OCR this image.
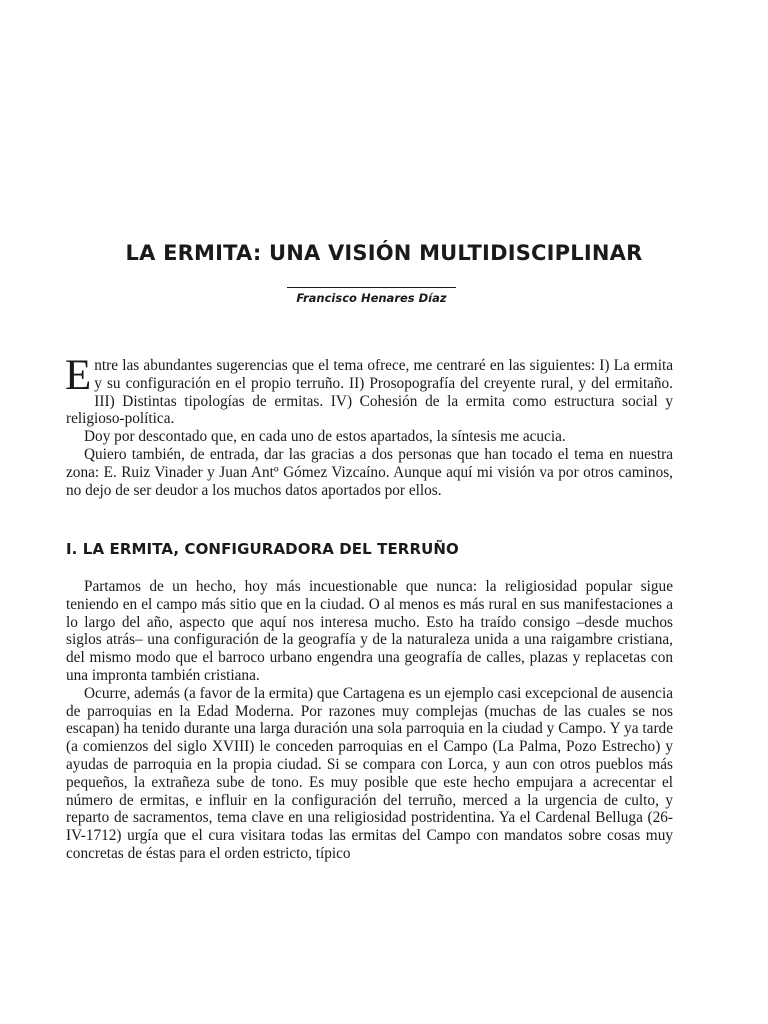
LA ERMITA: UNA VISIÓN MULTIDISCIPLINAR
Francisco Henares Díaz

Entre las abundantes sugerencias que el tema ofrece, me centraré en las siguientes: I) La ermita y su configuración en el propio terruño. II) Prosopografía del creyente rural, y del ermitaño. III) Distintas tipologías de ermitas. IV) Cohesión de la ermita como estructura social y religioso-política.

Doy por descontado que, en cada uno de estos apartados, la síntesis me acucia.

Quiero también, de entrada, dar las gracias a dos personas que han tocado el tema en nuestra zona: E. Ruiz Vinader y Juan Antº Gómez Vizcaíno. Aunque aquí mi visión va por otros caminos, no dejo de ser deudor a los muchos datos aportados por ellos.

I. LA ERMITA, CONFIGURADORA DEL TERRUÑO

Partamos de un hecho, hoy más incuestionable que nunca: la religiosidad popular sigue teniendo en el campo más sitio que en la ciudad. O al menos es más rural en sus manifestaciones a lo largo del año, aspecto que aquí nos interesa mucho. Esto ha traído consigo –desde muchos siglos atrás– una configuración de la geografía y de la naturaleza unida a una raigambre cristiana, del mismo modo que el barroco urbano engendra una geografía de calles, plazas y replacetas con una impronta también cristiana.

Ocurre, además (a favor de la ermita) que Cartagena es un ejemplo casi excepcional de ausencia de parroquias en la Edad Moderna. Por razones muy complejas (muchas de las cuales se nos escapan) ha tenido durante una larga duración una sola parroquia en la ciudad y Campo. Y ya tarde (a comienzos del siglo XVIII) le conceden parroquias en el Campo (La Palma, Pozo Estrecho) y ayudas de parroquia en la propia ciudad. Si se compara con Lorca, y aun con otros pueblos más pequeños, la extrañeza sube de tono. Es muy posible que este hecho empujara a acrecentar el número de ermitas, e influir en la configuración del terruño, merced a la urgencia de culto, y reparto de sacramentos, tema clave en una religiosidad postridentina. Ya el Cardenal Belluga (26-IV-1712) urgía que el cura visitara todas las ermitas del Campo con mandatos sobre cosas muy concretas de éstas para el orden estricto, típico
